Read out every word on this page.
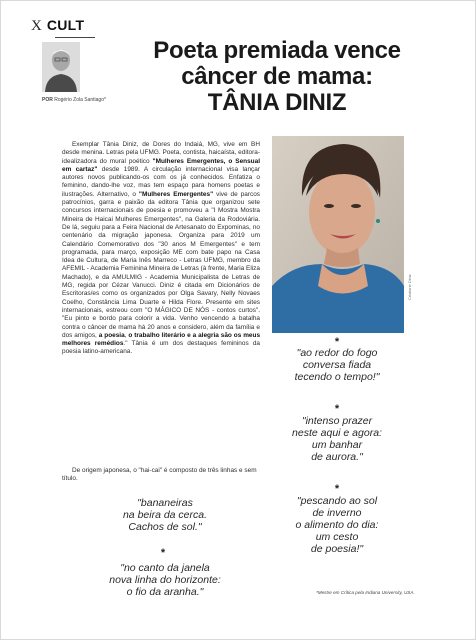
X CULT
POR Rogério Zola Santiago*
Poeta premiada vence
câncer de mama:
TÂNIA DINIZ

Exemplar Tânia Diniz, de Dores do Indaiá, MG, vive em BH desde menina. Letras pela UFMG. Poeta, contista, haicaísta, editora-idealizadora do mural poético "Mulheres Emergentes, o Sensual em cartaz" desde 1989. A circulação internacional visa lançar autores novos publicando-os com os já conhecidos. Enfatiza o feminino, dando-lhe voz, mas tem espaço para homens poetas e ilustrações. Alternativo, o "Mulheres Emergentes" vive de parcos patrocínios, garra e paixão da editora Tânia que organizou sete concursos internacionais de poesia e promoveu a "I Mostra Mostra Mineira de Haicai Mulheres Emergentes", na Galeria da Rodoviária. De lá, seguiu para a Feira Nacional de Artesanato do Expominas, no centenário da migração japonesa. Organiza para 2019 um Calendário Comemorativo dos "30 anos M Emergentes" e tem programada, para março, exposição ME com bate papo na Casa Idea de Cultura, de Maria Inês Marreco - Letras UFMG, membro da AFEMIL - Academia Feminina Mineira de Letras (à frente, Maria Eliza Machado), e da AMULMIG - Academia Municipalista de Letras de MG, regida por Cézar Vanucci. Diniz é citada em Dicionários de Escritoras/es como os organizados por Olga Savary, Nelly Novaes Coelho, Constância Lima Duarte e Hilda Flore. Presente em sites internacionais, estreou com "O MÁGICO DE NÓS - contos curtos". "Eu pinto e bordo para colorir a vida. Venho vencendo a batalha contra o câncer de mama há 20 anos e considero, além da família e dos amigos, a poesia, o trabalho literário e a alegria são os meus melhores remédios." Tânia é um dos destaques femininos da poesia latino-americana.

De origem japonesa, o "hai-cai" é composto de três linhas e sem título.

Cristiane Diniz
*
"ao redor do fogo
conversa fiada
tecendo o tempo!"
*
"intenso prazer
neste aqui e agora:
um banhar
de aurora."
*
"pescando ao sol
de inverno
o alimento do dia:
um cesto
de poesia!"
"bananeiras
na beira da cerca.
Cachos de sol."
*
"no canto da janela
nova linha do horizonte:
o fio da aranha."	*Mestre em Crítica pela Indiana University, USA.
